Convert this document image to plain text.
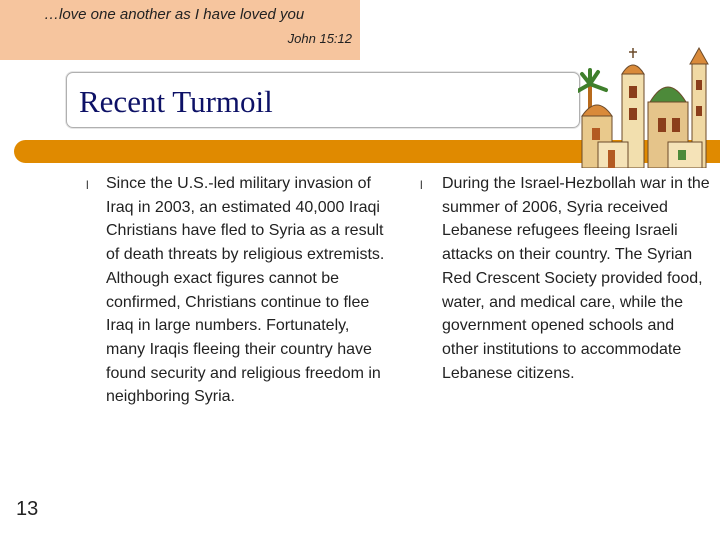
…love one another as I have loved you
John 15:12
Recent Turmoil
l Since the U.S.-led military invasion of Iraq in 2003, an estimated 40,000 Iraqi Christians have fled to Syria as a result of death threats by religious extremists. Although exact figures cannot be confirmed, Christians continue to flee Iraq in large numbers. Fortunately, many Iraqis fleeing their country have found security and religious freedom in neighboring Syria.

l During the Israel-Hezbollah war in the summer of 2006, Syria received Lebanese refugees fleeing Israeli attacks on their country. The Syrian Red Crescent Society provided food, water, and medical care, while the government opened schools and other institutions to accommodate Lebanese citizens.

13
